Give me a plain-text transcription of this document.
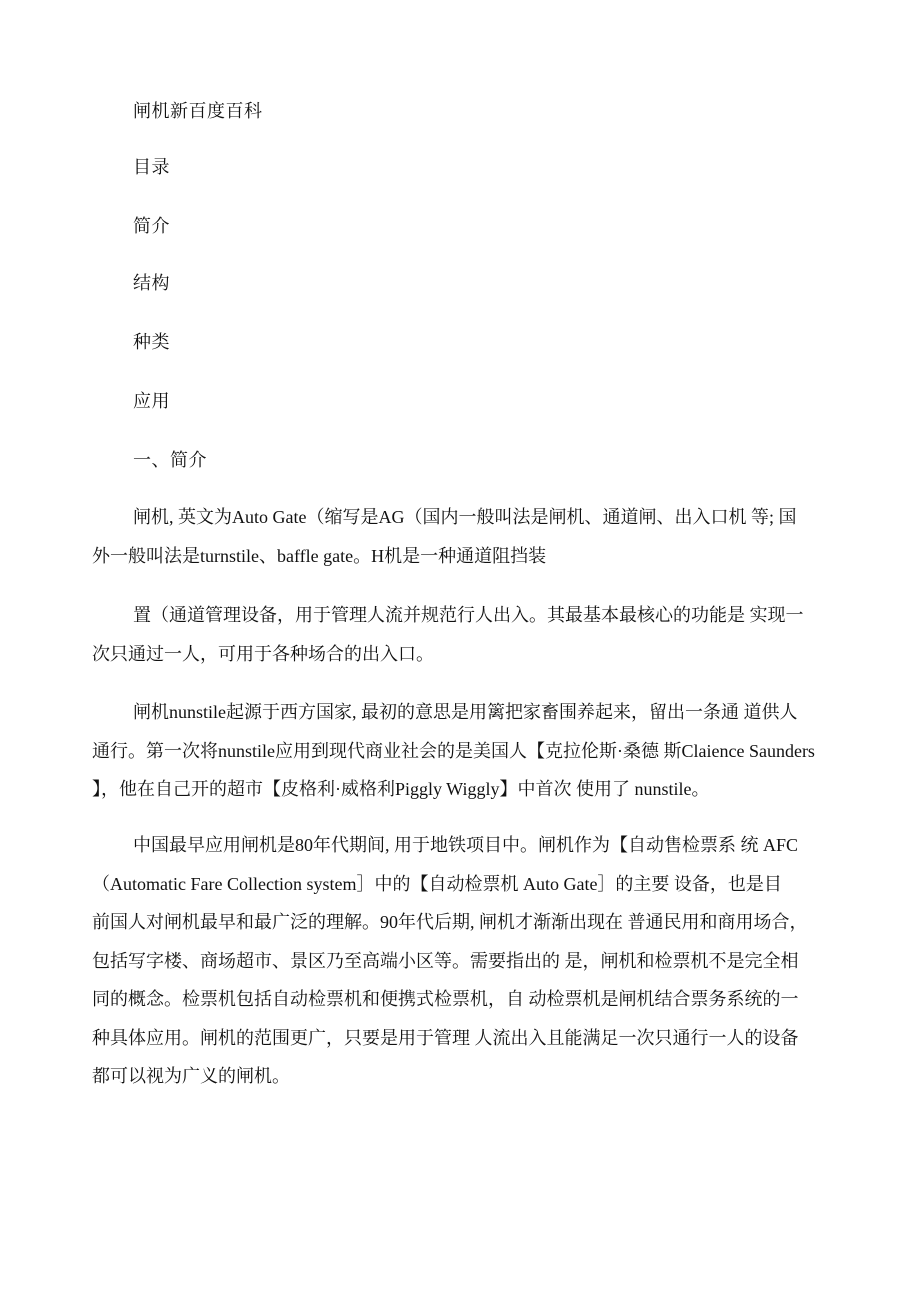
闸机新百度百科
目录
简介
结构
种类
应用
一、简介
闸机, 英文为Auto Gate（缩写是AG（国内一般叫法是闸机、通道闸、出入口机 等; 国
外一般叫法是turnstile、baffle gate。H机是一种通道阻挡装
置（通道管理设备，用于管理人流并规范行人出入。其最基本最核心的功能是 实现一
次只通过一人，可用于各种场合的出入口。
闸机nunstile起源于西方国家, 最初的意思是用篱把家畜围养起来，留出一条通 道供人
通行。第一次将nunstile应用到现代商业社会的是美国人【克拉伦斯·桑德 斯Claience Saunders
】，他在自己开的超市【皮格利·威格利Piggly Wiggly】中首次 使用了 nunstile。
中国最早应用闸机是80年代期间, 用于地铁项目中。闸机作为【自动售检票系 统 AFC
（Automatic Fare Collection system］中的【自动检票机 Auto Gate］的主要 设备，也是目
前国人对闸机最早和最广泛的理解。90年代后期, 闸机才渐渐出现在 普通民用和商用场合，
包括写字楼、商场超市、景区乃至高端小区等。需要指出的 是，闸机和检票机不是完全相
同的概念。检票机包括自动检票机和便携式检票机，自 动检票机是闸机结合票务系统的一
种具体应用。闸机的范围更广，只要是用于管理 人流出入且能满足一次只通行一人的设备
都可以视为广义的闸机。
